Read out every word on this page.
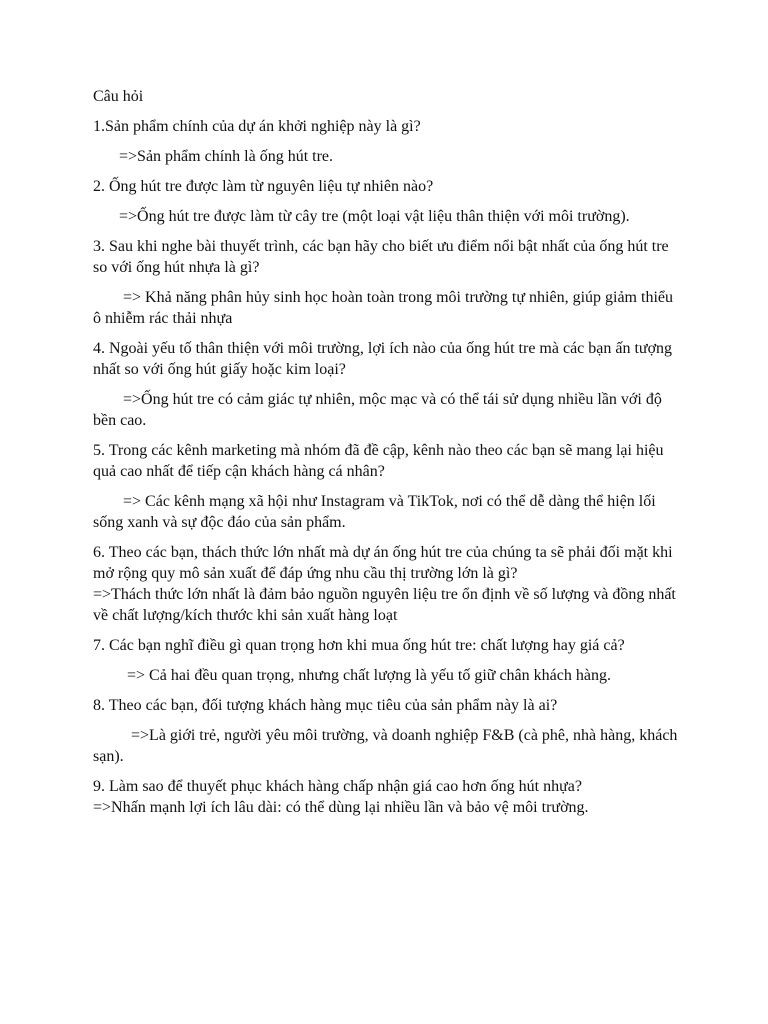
Câu hỏi

1.Sản phẩm chính của dự án khởi nghiệp này là gì?

=>Sản phẩm chính là ống hút tre.

2. Ống hút tre được làm từ nguyên liệu tự nhiên nào?

=>Ống hút tre được làm từ cây tre (một loại vật liệu thân thiện với môi trường).

3. Sau khi nghe bài thuyết trình, các bạn hãy cho biết ưu điểm nổi bật nhất của ống hút tre so với ống hút nhựa là gì?

=> Khả năng phân hủy sinh học hoàn toàn trong môi trường tự nhiên, giúp giảm thiểu ô nhiễm rác thải nhựa

4. Ngoài yếu tố thân thiện với môi trường, lợi ích nào của ống hút tre mà các bạn ấn tượng nhất so với ống hút giấy hoặc kim loại?

=>Ống hút tre có cảm giác tự nhiên, mộc mạc và có thể tái sử dụng nhiều lần với độ bền cao.

5. Trong các kênh marketing mà nhóm đã đề cập, kênh nào theo các bạn sẽ mang lại hiệu quả cao nhất để tiếp cận khách hàng cá nhân?

=> Các kênh mạng xã hội như Instagram và TikTok, nơi có thể dễ dàng thể hiện lối sống xanh và sự độc đáo của sản phẩm.

6. Theo các bạn, thách thức lớn nhất mà dự án ống hút tre của chúng ta sẽ phải đối mặt khi mở rộng quy mô sản xuất để đáp ứng nhu cầu thị trường lớn là gì?
=>Thách thức lớn nhất là đảm bảo nguồn nguyên liệu tre ổn định về số lượng và đồng nhất về chất lượng/kích thước khi sản xuất hàng loạt

7. Các bạn nghĩ điều gì quan trọng hơn khi mua ống hút tre: chất lượng hay giá cả?

=> Cả hai đều quan trọng, nhưng chất lượng là yếu tố giữ chân khách hàng.

8. Theo các bạn, đối tượng khách hàng mục tiêu của sản phẩm này là ai?

=>Là giới trẻ, người yêu môi trường, và doanh nghiệp F&B (cà phê, nhà hàng, khách sạn).

9. Làm sao để thuyết phục khách hàng chấp nhận giá cao hơn ống hút nhựa?
=>Nhấn mạnh lợi ích lâu dài: có thể dùng lại nhiều lần và bảo vệ môi trường.
